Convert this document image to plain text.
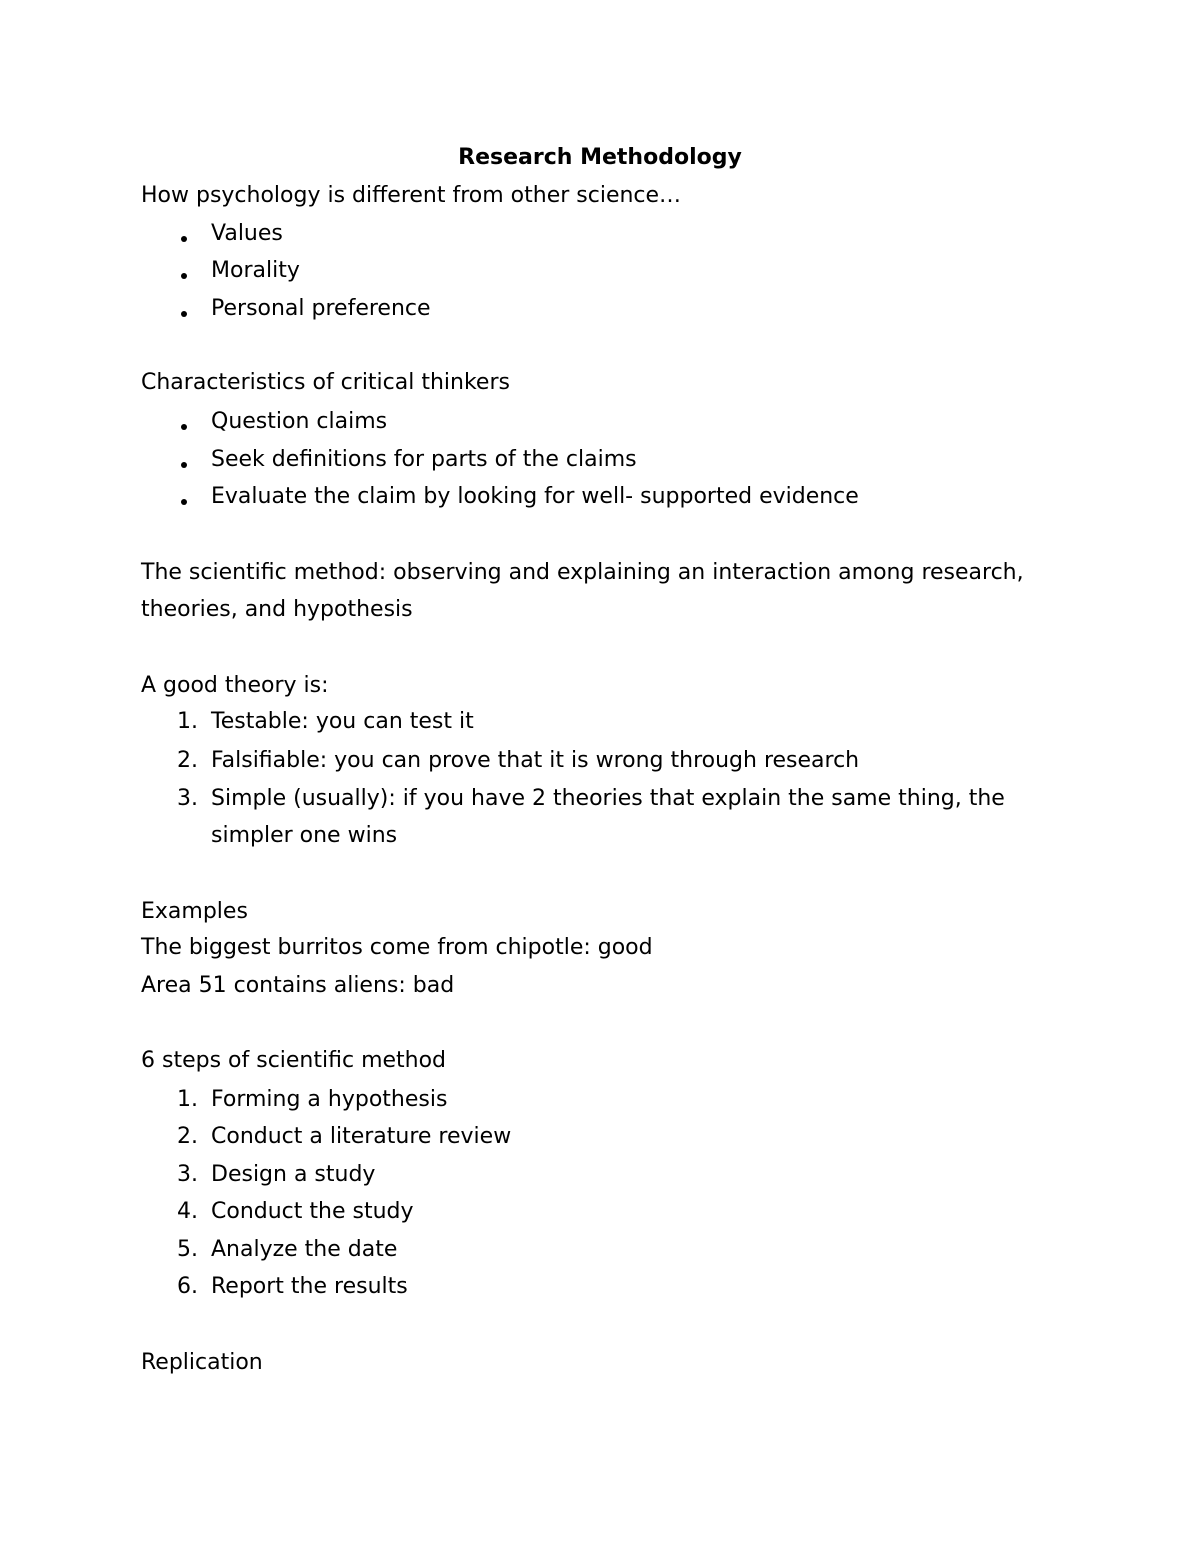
Research Methodology
How psychology is different from other science…
Values
Morality
Personal preference
Characteristics of critical thinkers
Question claims
Seek definitions for parts of the claims
Evaluate the claim by looking for well- supported evidence
The scientific method: observing and explaining an interaction among research,
theories, and hypothesis
A good theory is:
1. Testable: you can test it
2. Falsifiable: you can prove that it is wrong through research
3. Simple (usually): if you have 2 theories that explain the same thing, the
simpler one wins
Examples
The biggest burritos come from chipotle: good
Area 51 contains aliens: bad
6 steps of scientific method
1. Forming a hypothesis
2. Conduct a literature review
3. Design a study
4. Conduct the study
5. Analyze the date
6. Report the results
Replication
